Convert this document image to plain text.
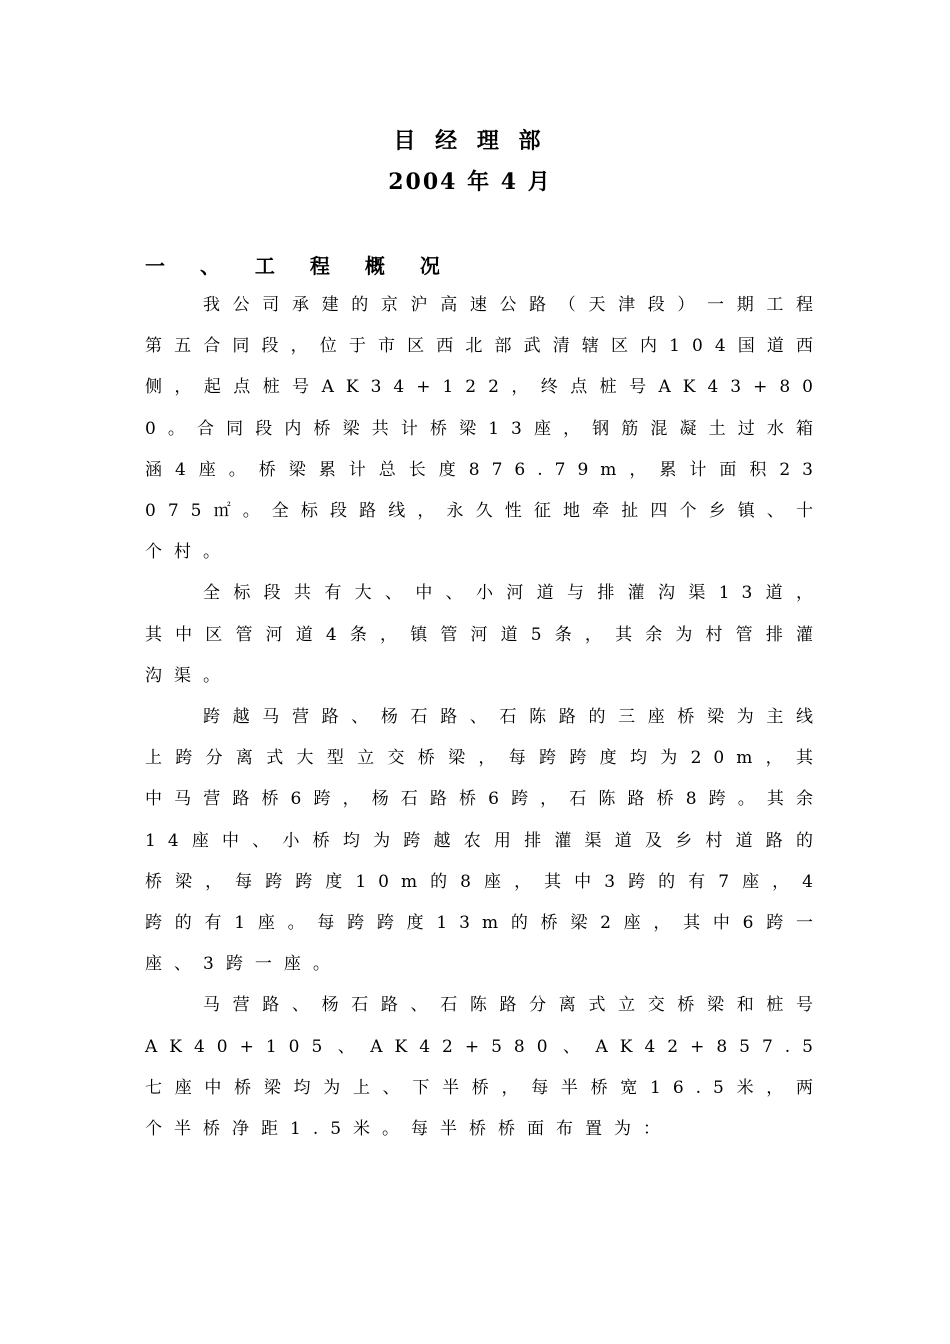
目 经 理 部
2004 年 4 月
一 、 工 程 概 况

我公司承建的京沪高速公路（天津段）一期工程第五合同段，位于市区西北部武清辖区内104国道西侧，起点桩号AK34+122，终点桩号AK43+800。合同段内桥梁共计桥梁13座，钢筋混凝土过水箱涵4座。桥梁累计总长度876.79m，累计面积23075㎡。全标段路线，永久性征地牵扯四个乡镇、十个村。

全标段共有大、中、小河道与排灌沟渠13道，其中区管河道4条，镇管河道5条，其余为村管排灌沟渠。

跨越马营路、杨石路、石陈路的三座桥梁为主线上跨分离式大型立交桥梁，每跨跨度均为20m，其中马营路桥6跨，杨石路桥6跨，石陈路桥8跨。其余14座中、小桥均为跨越农用排灌渠道及乡村道路的桥梁，每跨跨度10m的8座，其中3跨的有7座，4跨的有1座。每跨跨度13m的桥梁2座，其中6跨一座、3跨一座。

马营路、杨石路、石陈路分离式立交桥梁和桩号AK40+105、AK42+580、AK42+857.5七座中桥梁均为上、下半桥，每半桥宽16.5米，两个半桥净距1.5米。每半桥桥面布置为：
